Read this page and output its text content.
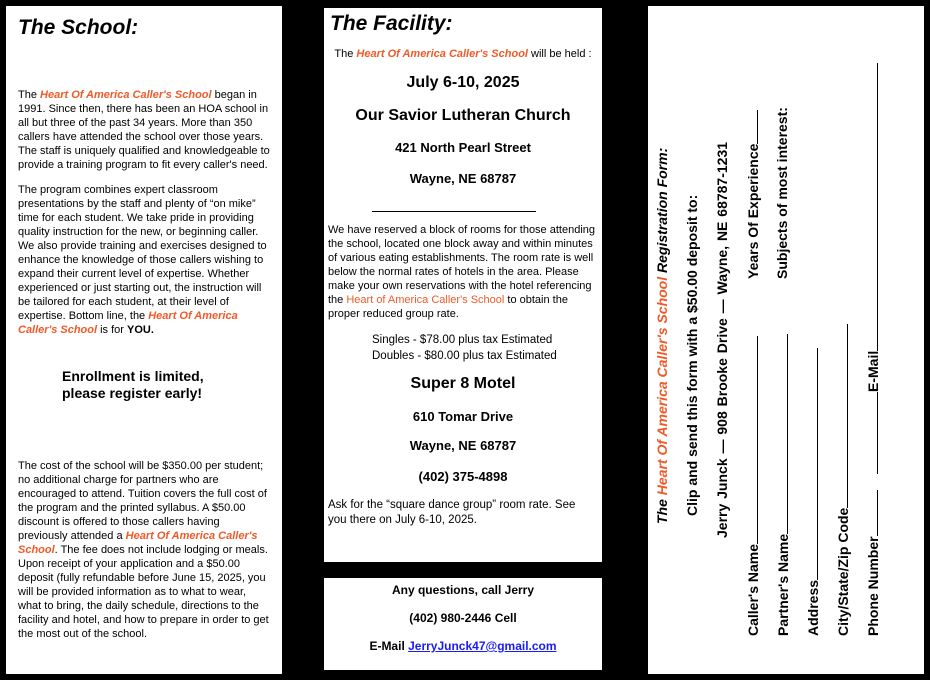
The School:
The Heart Of America Caller's School began in 1991. Since then, there has been an HOA school in all but three of the past 34 years. More than 350 callers have attended the school over those years. The staff is uniquely qualified and knowledgeable to provide a training program to fit every caller's need.
The program combines expert classroom presentations by the staff and plenty of “on mike” time for each student. We take pride in providing quality instruction for the new, or beginning caller. We also provide training and exercises designed to enhance the knowledge of those callers wishing to expand their current level of expertise. Whether experienced or just starting out, the instruction will be tailored for each student, at their level of expertise. Bottom line, the Heart Of America Caller's School is for YOU.
Enrollment is limited,
please register early!
The cost of the school will be $350.00 per student; no additional charge for partners who are encouraged to attend. Tuition covers the full cost of the program and the printed syllabus. A $50.00 discount is offered to those callers having previously attended a Heart Of America Caller's School. The fee does not include lodging or meals. Upon receipt of your application and a $50.00 deposit (fully refundable before June 15, 2025, you will be provided information as to what to wear, what to bring, the daily schedule, directions to the facility and hotel, and how to prepare in order to get the most out of the school.
The Facility:
The Heart Of America Caller's School will be held :
July 6-10, 2025
Our Savior Lutheran Church
421 North Pearl Street
Wayne, NE 68787
We have reserved a block of rooms for those attending the school, located one block away and within minutes of various eating establishments. The room rate is well below the normal rates of hotels in the area. Please make your own reservations with the hotel referencing the Heart of America Caller's School to obtain the proper reduced group rate.
Singles - $78.00 plus tax Estimated
Doubles - $80.00 plus tax Estimated
Super 8 Motel
610 Tomar Drive
Wayne, NE 68787
(402) 375-4898
Ask for the “square dance group” room rate. See you there on July 6-10, 2025.
Any questions, call Jerry
(402) 980-2446 Cell
E-Mail JerryJunck47@gmail.com
The Heart Of America Caller's School Registration Form: Clip and send this form with a $50.00 deposit to: Jerry Junck — 908 Brooke Drive — Wayne, NE 68787-1231
Caller's Name
Years Of Experience
Partner's Name
Subjects of most interest:
Address City/State/Zip Code Phone Number
E-Mail
